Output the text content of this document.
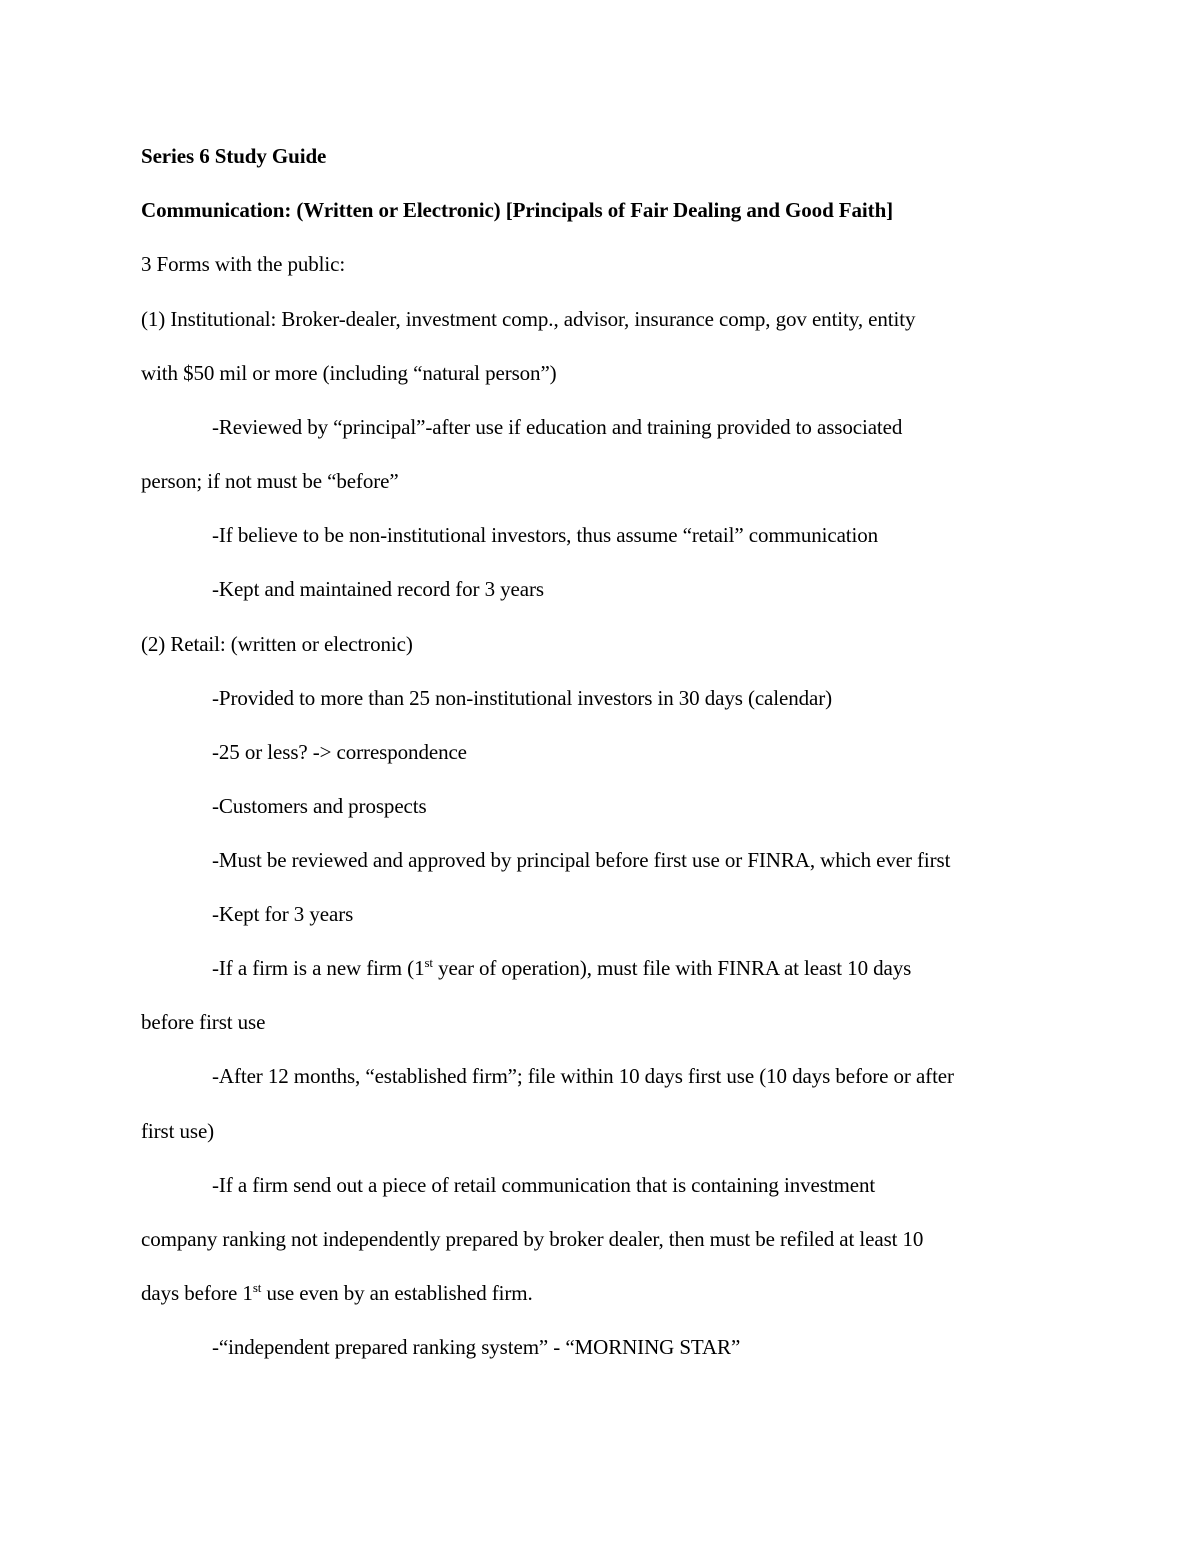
Series 6 Study Guide
Communication: (Written or Electronic) [Principals of Fair Dealing and Good Faith]
3 Forms with the public:
(1) Institutional: Broker-dealer, investment comp., advisor, insurance comp, gov entity, entity
with $50 mil or more (including “natural person”)
-Reviewed by “principal”-after use if education and training provided to associated
person; if not must be “before”
-If believe to be non-institutional investors, thus assume “retail” communication
-Kept and maintained record for 3 years
(2) Retail: (written or electronic)
-Provided to more than 25 non-institutional investors in 30 days (calendar)
-25 or less? -> correspondence
-Customers and prospects
-Must be reviewed and approved by principal before first use or FINRA, which ever first
-Kept for 3 years
-If a firm is a new firm (1st year of operation), must file with FINRA at least 10 days
before first use
-After 12 months, “established firm”; file within 10 days first use (10 days before or after
first use)
-If a firm send out a piece of retail communication that is containing investment
company ranking not independently prepared by broker dealer, then must be refiled at least 10
days before 1st use even by an established firm.
-“independent prepared ranking system” - “MORNING STAR”
